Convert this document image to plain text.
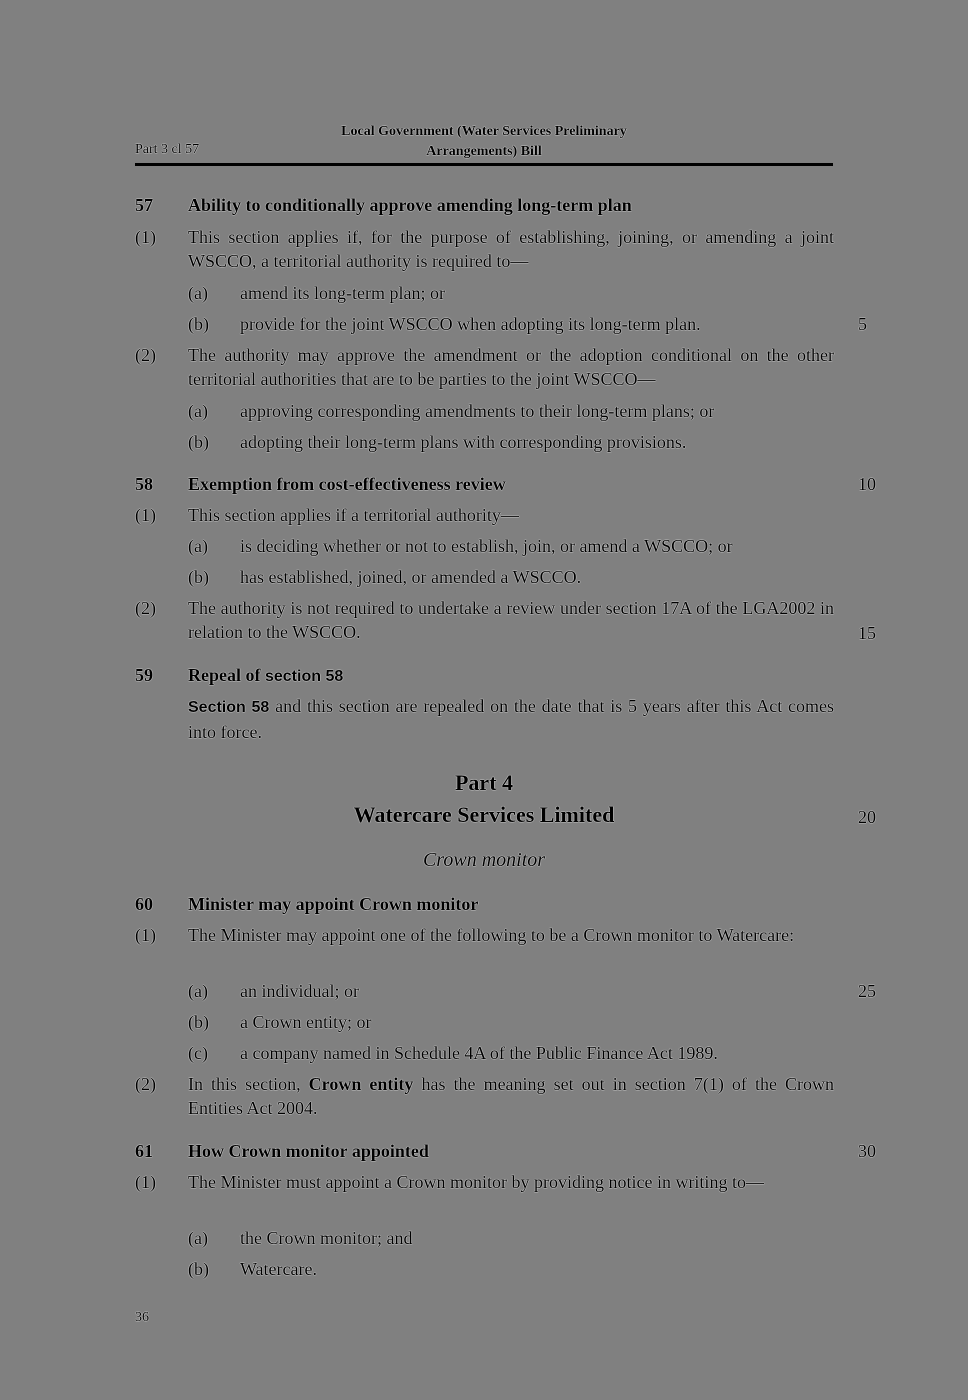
Part 3 cl 57
Local Government (Water Services Preliminary
Arrangements) Bill
57 Ability to conditionally approve amending long-term plan
(1) This section applies if, for the purpose of establishing, joining, or amending a joint WSCCO, a territorial authority is required to—
(a) amend its long-term plan; or
(b) provide for the joint WSCCO when adopting its long-term plan.	5
(2) The authority may approve the amendment or the adoption conditional on the other territorial authorities that are to be parties to the joint WSCCO—
(a) approving corresponding amendments to their long-term plans; or
(b) adopting their long-term plans with corresponding provisions.
58 Exemption from cost-effectiveness review	10
(1) This section applies if a territorial authority—
(a) is deciding whether or not to establish, join, or amend a WSCCO; or
(b) has established, joined, or amended a WSCCO.
(2) The authority is not required to undertake a review under section 17A of the LGA2002 in relation to the WSCCO.	15
59 Repeal of section 58
Section 58 and this section are repealed on the date that is 5 years after this Act comes into force.
Part 4
Watercare Services Limited	20
Crown monitor
60 Minister may appoint Crown monitor
(1) The Minister may appoint one of the following to be a Crown monitor to Watercare:
(a) an individual; or	25
(b) a Crown entity; or
(c) a company named in Schedule 4A of the Public Finance Act 1989.
(2) In this section, Crown entity has the meaning set out in section 7(1) of the Crown Entities Act 2004.
61 How Crown monitor appointed	30
(1) The Minister must appoint a Crown monitor by providing notice in writing to—
(a) the Crown monitor; and
(b) Watercare.
36
